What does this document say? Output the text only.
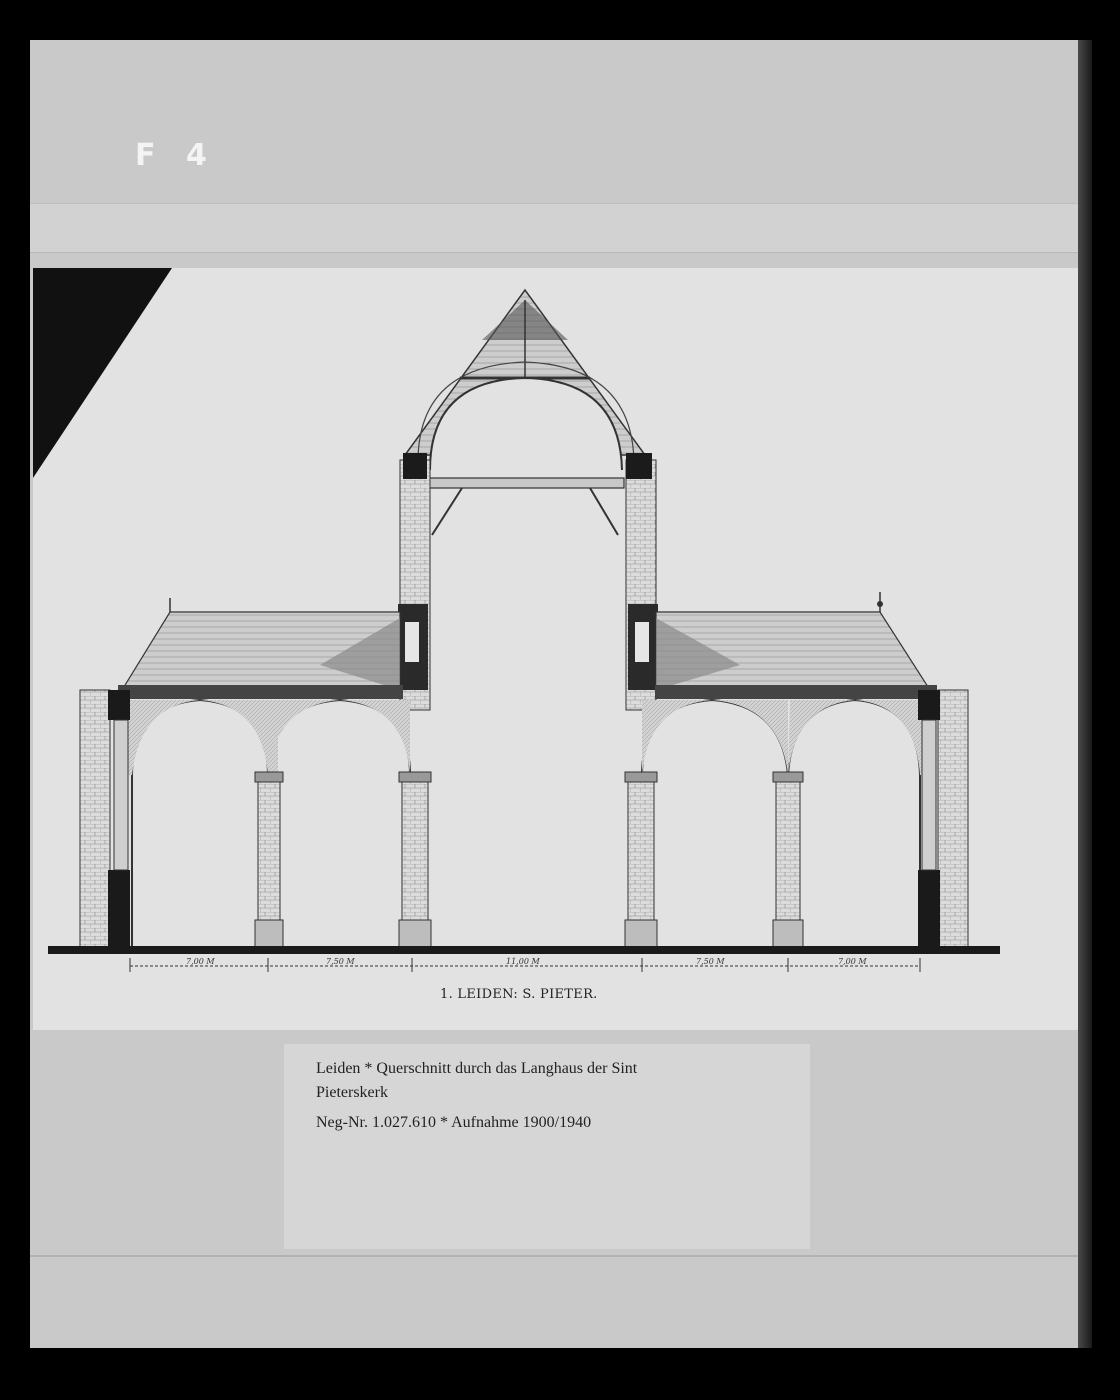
F 4
7,00 M	7,50 M	11,00 M	7,50 M	7,00 M
1. LEIDEN: S. PIETER.
Leiden * Querschnitt durch das Langhaus der Sint
Pieterskerk
Neg-Nr. 1.027.610 * Aufnahme 1900/1940
